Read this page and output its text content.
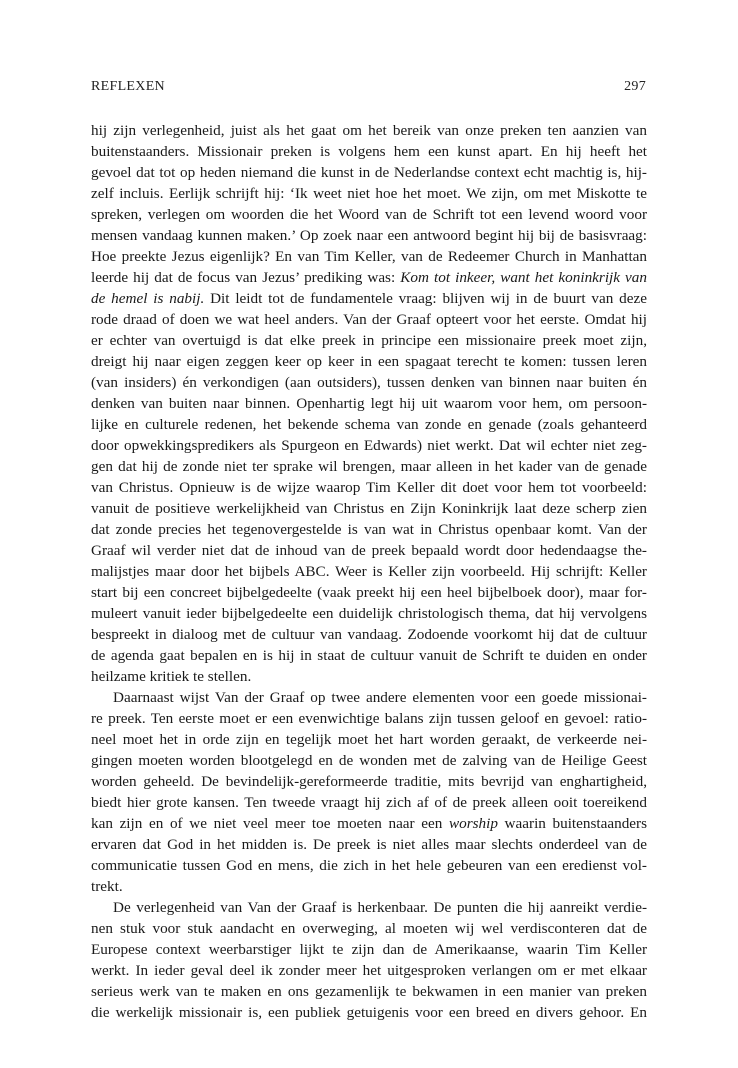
REFLEXEN	297
hij zijn verlegenheid, juist als het gaat om het bereik van onze preken ten aanzien van
buitenstaanders. Missionair preken is volgens hem een kunst apart. En hij heeft het
gevoel dat tot op heden niemand die kunst in de Nederlandse context echt machtig is, hij-
zelf incluis. Eerlijk schrijft hij: ‘Ik weet niet hoe het moet. We zijn, om met Miskotte te
spreken, verlegen om woorden die het Woord van de Schrift tot een levend woord voor
mensen vandaag kunnen maken.’ Op zoek naar een antwoord begint hij bij de basisvraag:
Hoe preekte Jezus eigenlijk? En van Tim Keller, van de Redeemer Church in Manhattan
leerde hij dat de focus van Jezus’ prediking was: Kom tot inkeer, want het koninkrijk van
de hemel is nabij. Dit leidt tot de fundamentele vraag: blijven wij in de buurt van deze
rode draad of doen we wat heel anders. Van der Graaf opteert voor het eerste. Omdat hij
er echter van overtuigd is dat elke preek in principe een missionaire preek moet zijn,
dreigt hij naar eigen zeggen keer op keer in een spagaat terecht te komen: tussen leren
(van insiders) én verkondigen (aan outsiders), tussen denken van binnen naar buiten én
denken van buiten naar binnen. Openhartig legt hij uit waarom voor hem, om persoon-
lijke en culturele redenen, het bekende schema van zonde en genade (zoals gehanteerd
door opwekkingspredikers als Spurgeon en Edwards) niet werkt. Dat wil echter niet zeg-
gen dat hij de zonde niet ter sprake wil brengen, maar alleen in het kader van de genade
van Christus. Opnieuw is de wijze waarop Tim Keller dit doet voor hem tot voorbeeld:
vanuit de positieve werkelijkheid van Christus en Zijn Koninkrijk laat deze scherp zien
dat zonde precies het tegenovergestelde is van wat in Christus openbaar komt. Van der
Graaf wil verder niet dat de inhoud van de preek bepaald wordt door hedendaagse the-
malijstjes maar door het bijbels ABC. Weer is Keller zijn voorbeeld. Hij schrijft: Keller
start bij een concreet bijbelgedeelte (vaak preekt hij een heel bijbelboek door), maar for-
muleert vanuit ieder bijbelgedeelte een duidelijk christologisch thema, dat hij vervolgens
bespreekt in dialoog met de cultuur van vandaag. Zodoende voorkomt hij dat de cultuur
de agenda gaat bepalen en is hij in staat de cultuur vanuit de Schrift te duiden en onder
heilzame kritiek te stellen.
Daarnaast wijst Van der Graaf op twee andere elementen voor een goede missionai-
re preek. Ten eerste moet er een evenwichtige balans zijn tussen geloof en gevoel: ratio-
neel moet het in orde zijn en tegelijk moet het hart worden geraakt, de verkeerde nei-
gingen moeten worden blootgelegd en de wonden met de zalving van de Heilige Geest
worden geheeld. De bevindelijk-gereformeerde traditie, mits bevrijd van enghartigheid,
biedt hier grote kansen. Ten tweede vraagt hij zich af of de preek alleen ooit toereikend
kan zijn en of we niet veel meer toe moeten naar een worship waarin buitenstaanders
ervaren dat God in het midden is. De preek is niet alles maar slechts onderdeel van de
communicatie tussen God en mens, die zich in het hele gebeuren van een eredienst vol-
trekt.
De verlegenheid van Van der Graaf is herkenbaar. De punten die hij aanreikt verdie-
nen stuk voor stuk aandacht en overweging, al moeten wij wel verdisconteren dat de
Europese context weerbarstiger lijkt te zijn dan de Amerikaanse, waarin Tim Keller
werkt. In ieder geval deel ik zonder meer het uitgesproken verlangen om er met elkaar
serieus werk van te maken en ons gezamenlijk te bekwamen in een manier van preken
die werkelijk missionair is, een publiek getuigenis voor een breed en divers gehoor. En
